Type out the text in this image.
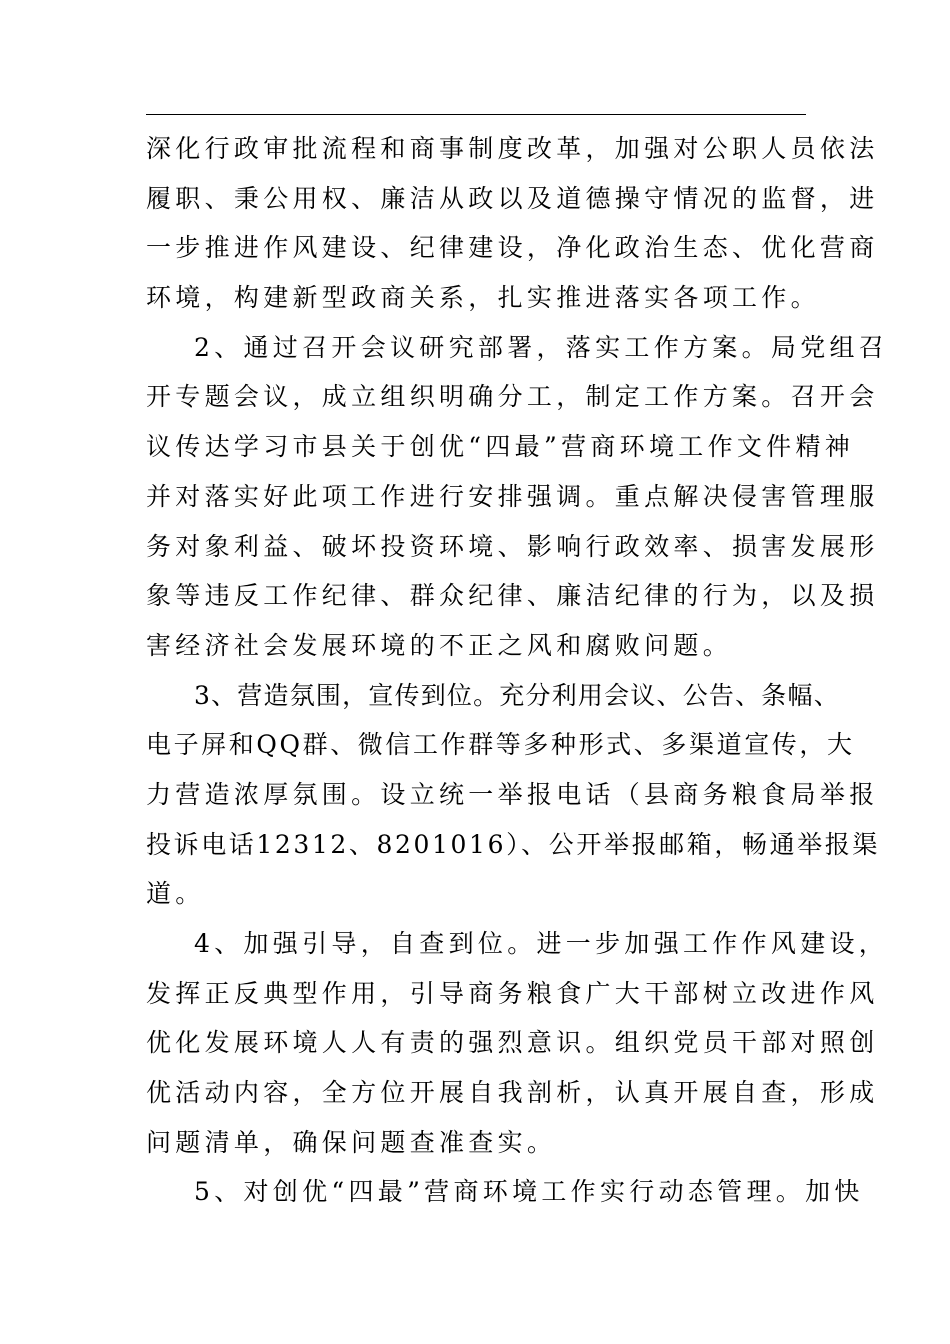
深化行政审批流程和商事制度改革，加强对公职人员依法
履职、秉公用权、廉洁从政以及道德操守情况的监督，进
一步推进作风建设、纪律建设，净化政治生态、优化营商
环境，构建新型政商关系，扎实推进落实各项工作。
2、通过召开会议研究部署，落实工作方案。局党组召
开专题会议，成立组织明确分工，制定工作方案。召开会
议传达学习市县关于创优“四最”营商环境工作文件精神
并对落实好此项工作进行安排强调。重点解决侵害管理服
务对象利益、破坏投资环境、影响行政效率、损害发展形
象等违反工作纪律、群众纪律、廉洁纪律的行为，以及损
害经济社会发展环境的不正之风和腐败问题。
3、营造氛围，宣传到位。充分利用会议、公告、条幅、
电子屏和QQ群、微信工作群等多种形式、多渠道宣传，大
力营造浓厚氛围。设立统一举报电话（县商务粮食局举报
投诉电话12312、8201016）、公开举报邮箱，畅通举报渠
道。
4、加强引导，自查到位。进一步加强工作作风建设，
发挥正反典型作用，引导商务粮食广大干部树立改进作风
优化发展环境人人有责的强烈意识。组织党员干部对照创
优活动内容，全方位开展自我剖析，认真开展自查，形成
问题清单，确保问题查准查实。
5、对创优“四最”营商环境工作实行动态管理。加快
